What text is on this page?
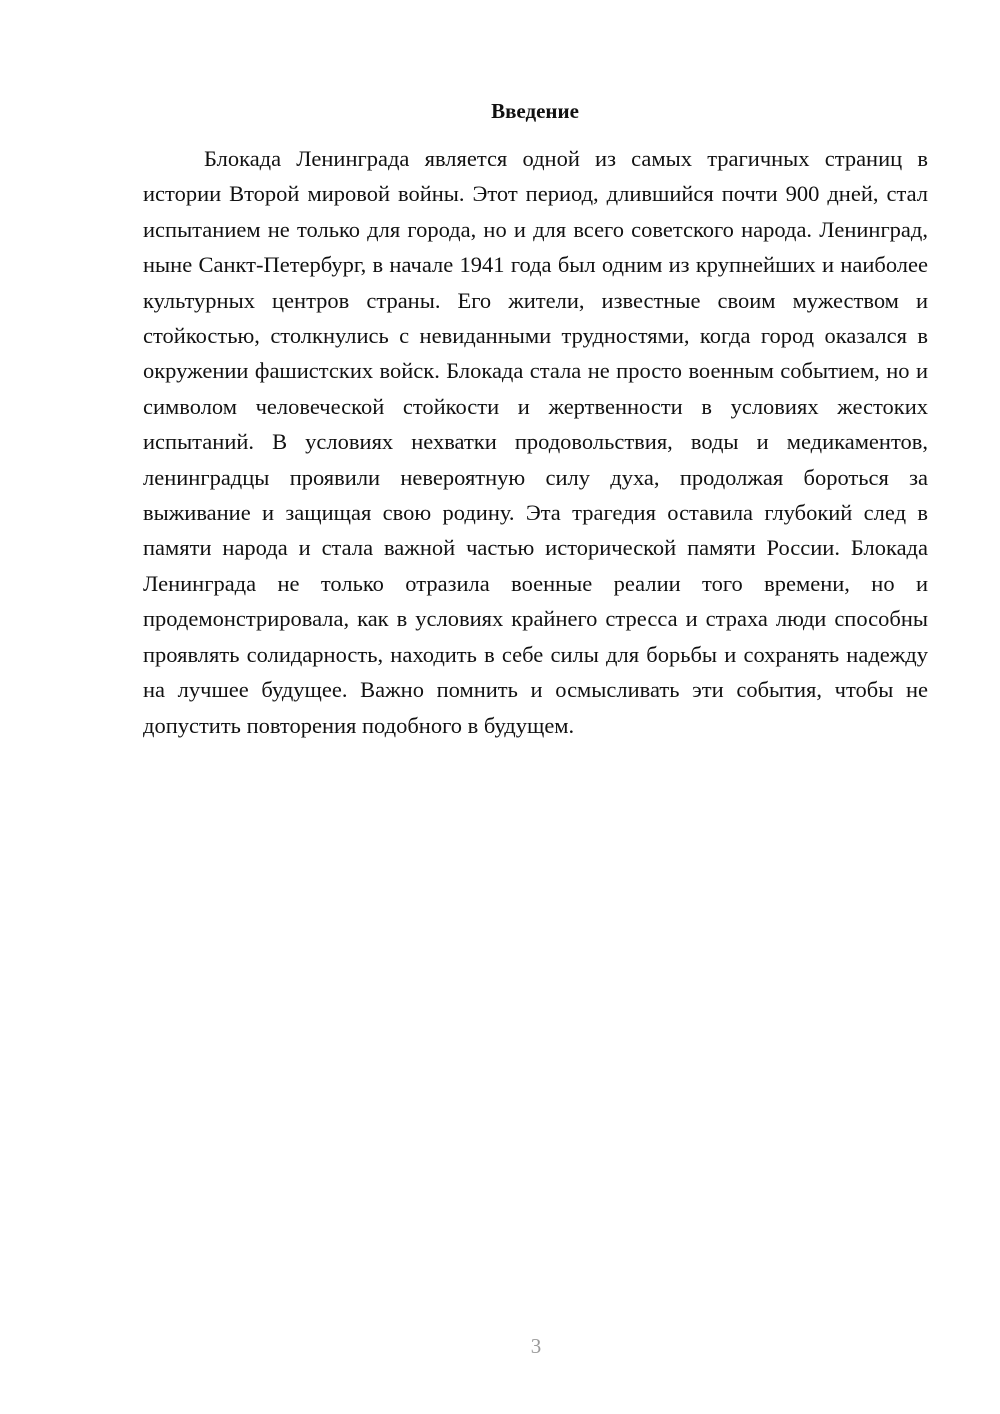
Введение

Блокада Ленинграда является одной из самых трагичных страниц в истории Второй мировой войны. Этот период, длившийся почти 900 дней, стал испытанием не только для города, но и для всего советского народа. Ленинград, ныне Санкт-Петербург, в начале 1941 года был одним из крупнейших и наиболее культурных центров страны. Его жители, известные своим мужеством и стойкостью, столкнулись с невиданными трудностями, когда город оказался в окружении фашистских войск. Блокада стала не просто военным событием, но и символом человеческой стойкости и жертвенности в условиях жестоких испытаний. В условиях нехватки продовольствия, воды и медикаментов, ленинградцы проявили невероятную силу духа, продолжая бороться за выживание и защищая свою родину. Эта трагедия оставила глубокий след в памяти народа и стала важной частью исторической памяти России. Блокада Ленинграда не только отразила военные реалии того времени, но и продемонстрировала, как в условиях крайнего стресса и страха люди способны проявлять солидарность, находить в себе силы для борьбы и сохранять надежду на лучшее будущее. Важно помнить и осмысливать эти события, чтобы не допустить повторения подобного в будущем.

3
